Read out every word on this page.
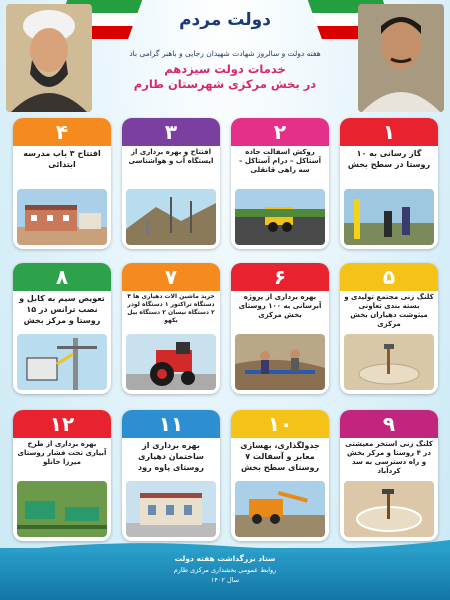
دولت مردم
هفته دولت و سالروز شهادت شهیدان رجایی و باهنر گرامی باد
خدمات دولت سیزدهم
در بخش مرکزی شهرستان طارم
۱
گاز رسانی به ۱۰ روستا در سطح بخش
۲
روکش آسفالت جاده آستاکل – درام آستاکل – سه راهی قانقلی
۳
افتتاح و بهره برداری از ایستگاه آب و هواشناسی
۴
افتتاح ۳ باب مدرسه ابتدائی
۵
کلنگ زنی مجتمع تولیدی و بسته بندی تعاونی میثوشت دهیاران بخش مرکزی
۶
بهره برداری از پروژه آبرسانی به ۱۰۰ روستای بخش مرکزی
۷
خرید ماشین آلات دهیاری ها ۴ دستگاه تراکتور ۱ دستگاه لودر ۲ دستگاه نیسان ۲ دستگاه بیل بکهو
۸
تعویض سیم به کابل و نصب ترانس در ۱۵ روستا و مرکز بخش
۹
کلنگ زنی استخر معیشتی در ۴ روستا و مرکز بخش و راه دسترسی به سد کردآباد
۱۰
جدولگذاری، بهسازی معابر و آسفالت ۷ روستای سطح بخش
۱۱
بهره برداری از ساختمان دهیاری روستای پاوه رود
۱۲
بهره برداری از طرح آبیاری تحت فشار روستای میرزا خانلو
ستاد بزرگداشت هفته دولت
روابط عمومی بخشداری مرکزی طارم
سال ۱۴۰۲
